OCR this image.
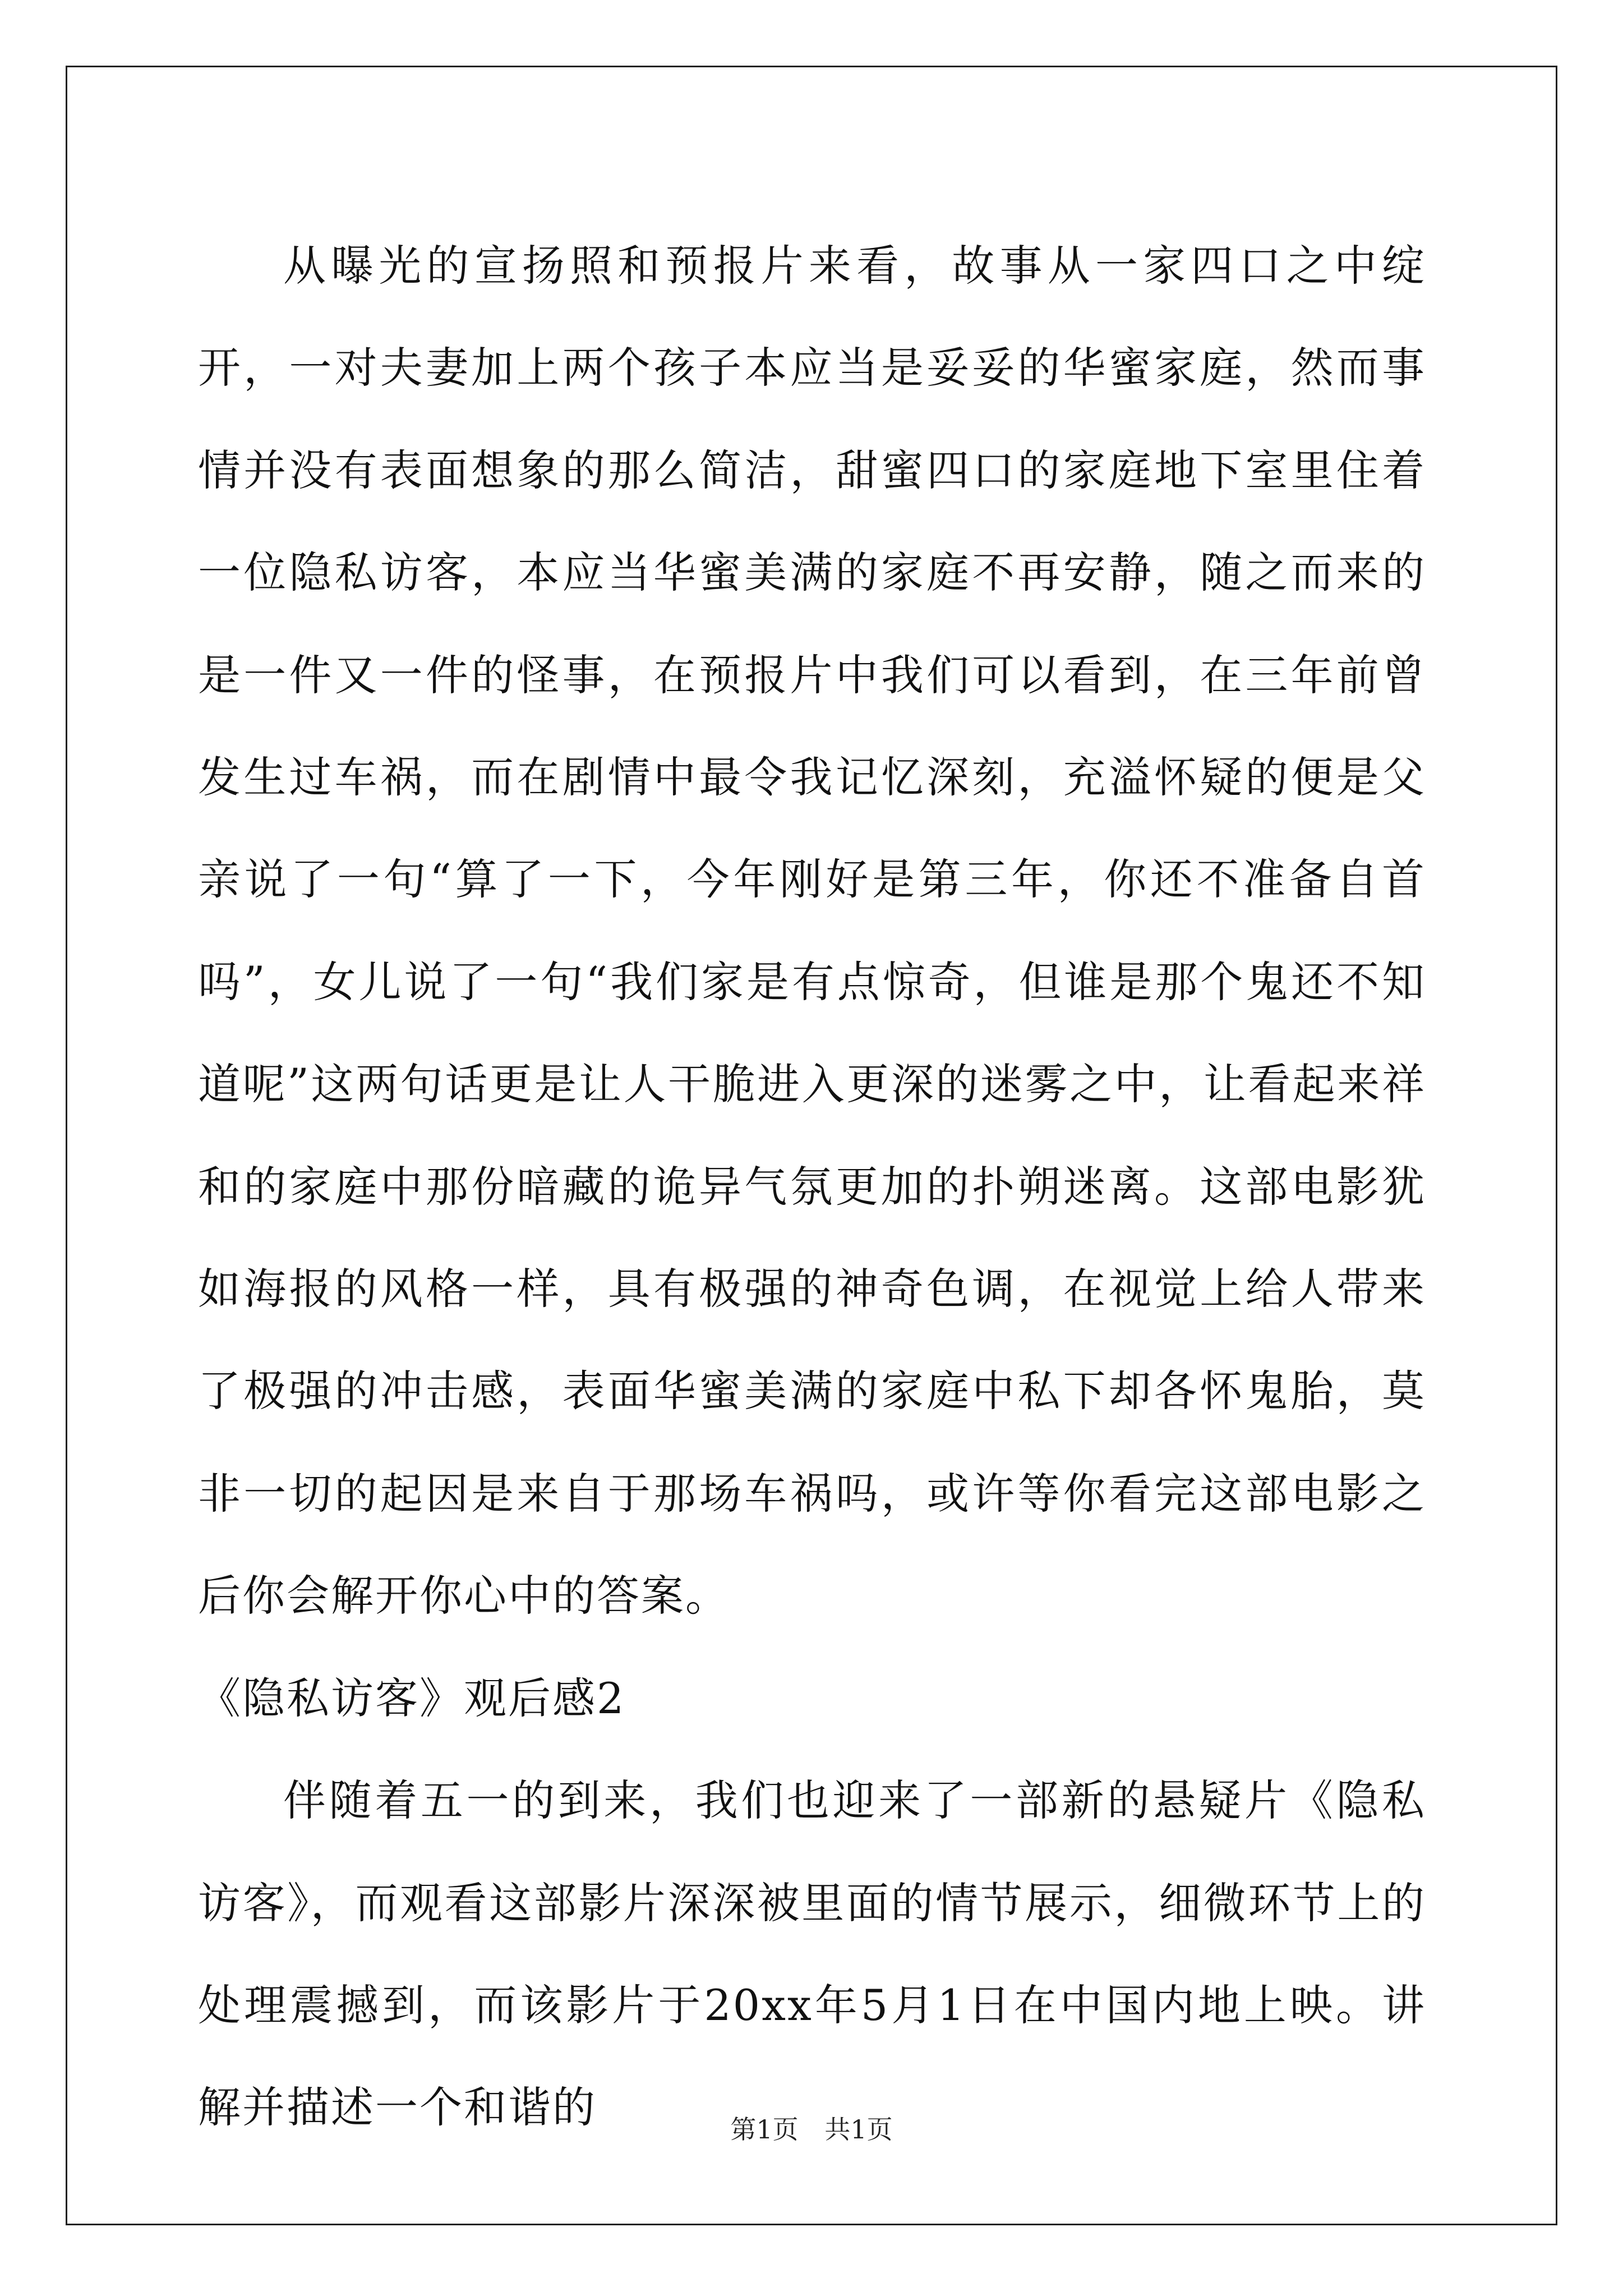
从曝光的宣扬照和预报片来看，故事从一家四口之中绽开，一对夫妻加上两个孩子本应当是妥妥的华蜜家庭，然而事情并没有表面想象的那么简洁，甜蜜四口的家庭地下室里住着一位隐私访客，本应当华蜜美满的家庭不再安静，随之而来的是一件又一件的怪事，在预报片中我们可以看到，在三年前曾发生过车祸，而在剧情中最令我记忆深刻，充溢怀疑的便是父亲说了一句“算了一下，今年刚好是第三年，你还不准备自首吗”，女儿说了一句“我们家是有点惊奇，但谁是那个鬼还不知道呢”这两句话更是让人干脆进入更深的迷雾之中，让看起来祥和的家庭中那份暗藏的诡异气氛更加的扑朔迷离。这部电影犹如海报的风格一样，具有极强的神奇色调，在视觉上给人带来了极强的冲击感，表面华蜜美满的家庭中私下却各怀鬼胎，莫非一切的起因是来自于那场车祸吗，或许等你看完这部电影之后你会解开你心中的答案。

《隐私访客》观后感2

伴随着五一的到来，我们也迎来了一部新的悬疑片《隐私访客》，而观看这部影片深深被里面的情节展示，细微环节上的处理震撼到，而该影片于20xx年5月1日在中国内地上映。讲解并描述一个和谐的	第1页 共1页
